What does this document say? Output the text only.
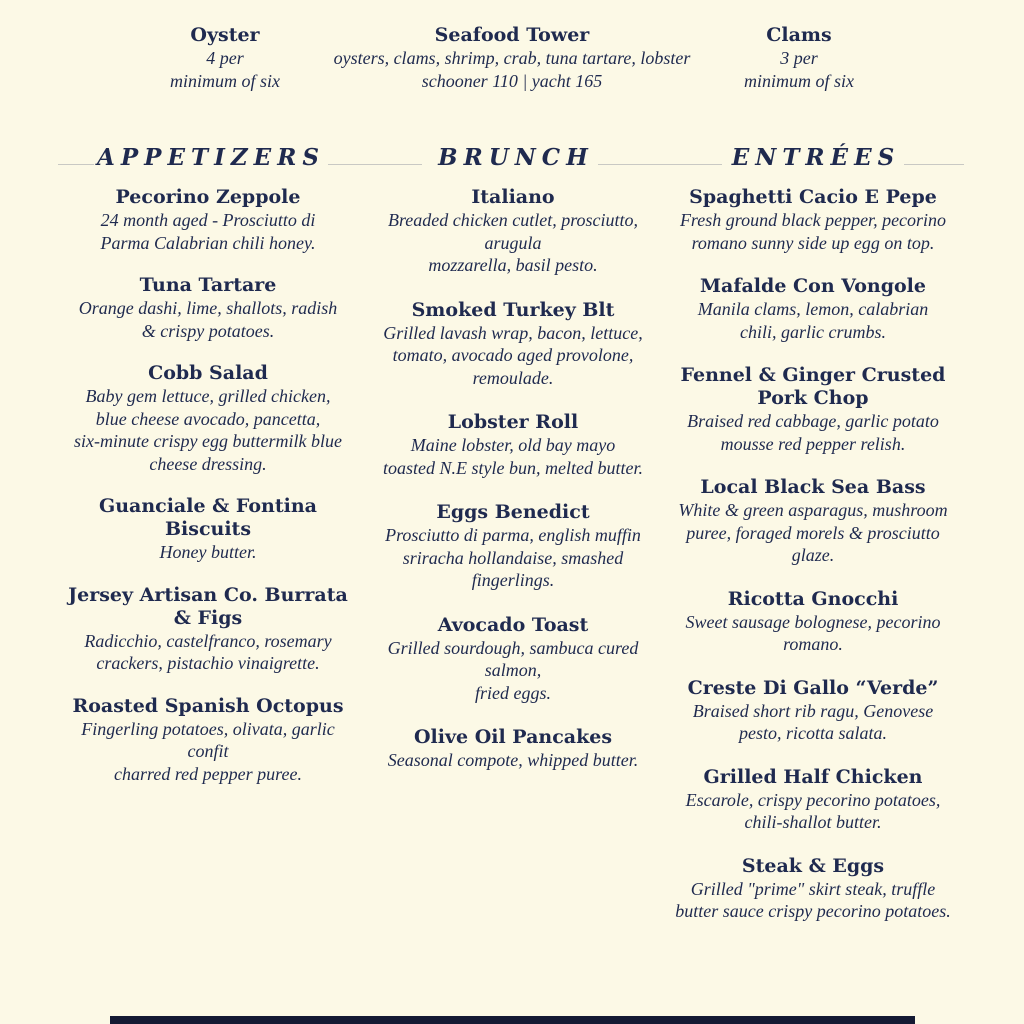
Oyster
4 per
minimum of six
Seafood Tower
oysters, clams, shrimp, crab, tuna tartare, lobster
schooner 110 | yacht 165
Clams
3 per
minimum of six
APPETIZERS	BRUNCH	ENTRÉES
Pecorino Zeppole
24 month aged - Prosciutto di
Parma Calabrian chili honey.
Tuna Tartare
Orange dashi, lime, shallots, radish
& crispy potatoes.
Cobb Salad
Baby gem lettuce, grilled chicken,
blue cheese avocado, pancetta,
six-minute crispy egg buttermilk blue
cheese dressing.
Guanciale & Fontina Biscuits
Honey butter.
Jersey Artisan Co. Burrata & Figs
Radicchio, castelfranco, rosemary
crackers, pistachio vinaigrette.
Roasted Spanish Octopus
Fingerling potatoes, olivata, garlic
confit
charred red pepper puree.
Italiano
Breaded chicken cutlet, prosciutto,
arugula
mozzarella, basil pesto.
Smoked Turkey Blt
Grilled lavash wrap, bacon, lettuce,
tomato, avocado aged provolone,
remoulade.
Lobster Roll
Maine lobster, old bay mayo
toasted N.E style bun, melted butter.
Eggs Benedict
Prosciutto di parma, english muffin
sriracha hollandaise, smashed
fingerlings.
Avocado Toast
Grilled sourdough, sambuca cured
salmon,
fried eggs.
Olive Oil Pancakes
Seasonal compote, whipped butter.
Spaghetti Cacio E Pepe
Fresh ground black pepper, pecorino
romano sunny side up egg on top.
Mafalde Con Vongole
Manila clams, lemon, calabrian
chili, garlic crumbs.
Fennel & Ginger Crusted Pork Chop
Braised red cabbage, garlic potato
mousse red pepper relish.
Local Black Sea Bass
White & green asparagus, mushroom
puree, foraged morels & prosciutto
glaze.
Ricotta Gnocchi
Sweet sausage bolognese, pecorino
romano.
Creste Di Gallo “Verde”
Braised short rib ragu, Genovese
pesto, ricotta salata.
Grilled Half Chicken
Escarole, crispy pecorino potatoes,
chili-shallot butter.
Steak & Eggs
Grilled "prime" skirt steak, truffle
butter sauce crispy pecorino potatoes.
